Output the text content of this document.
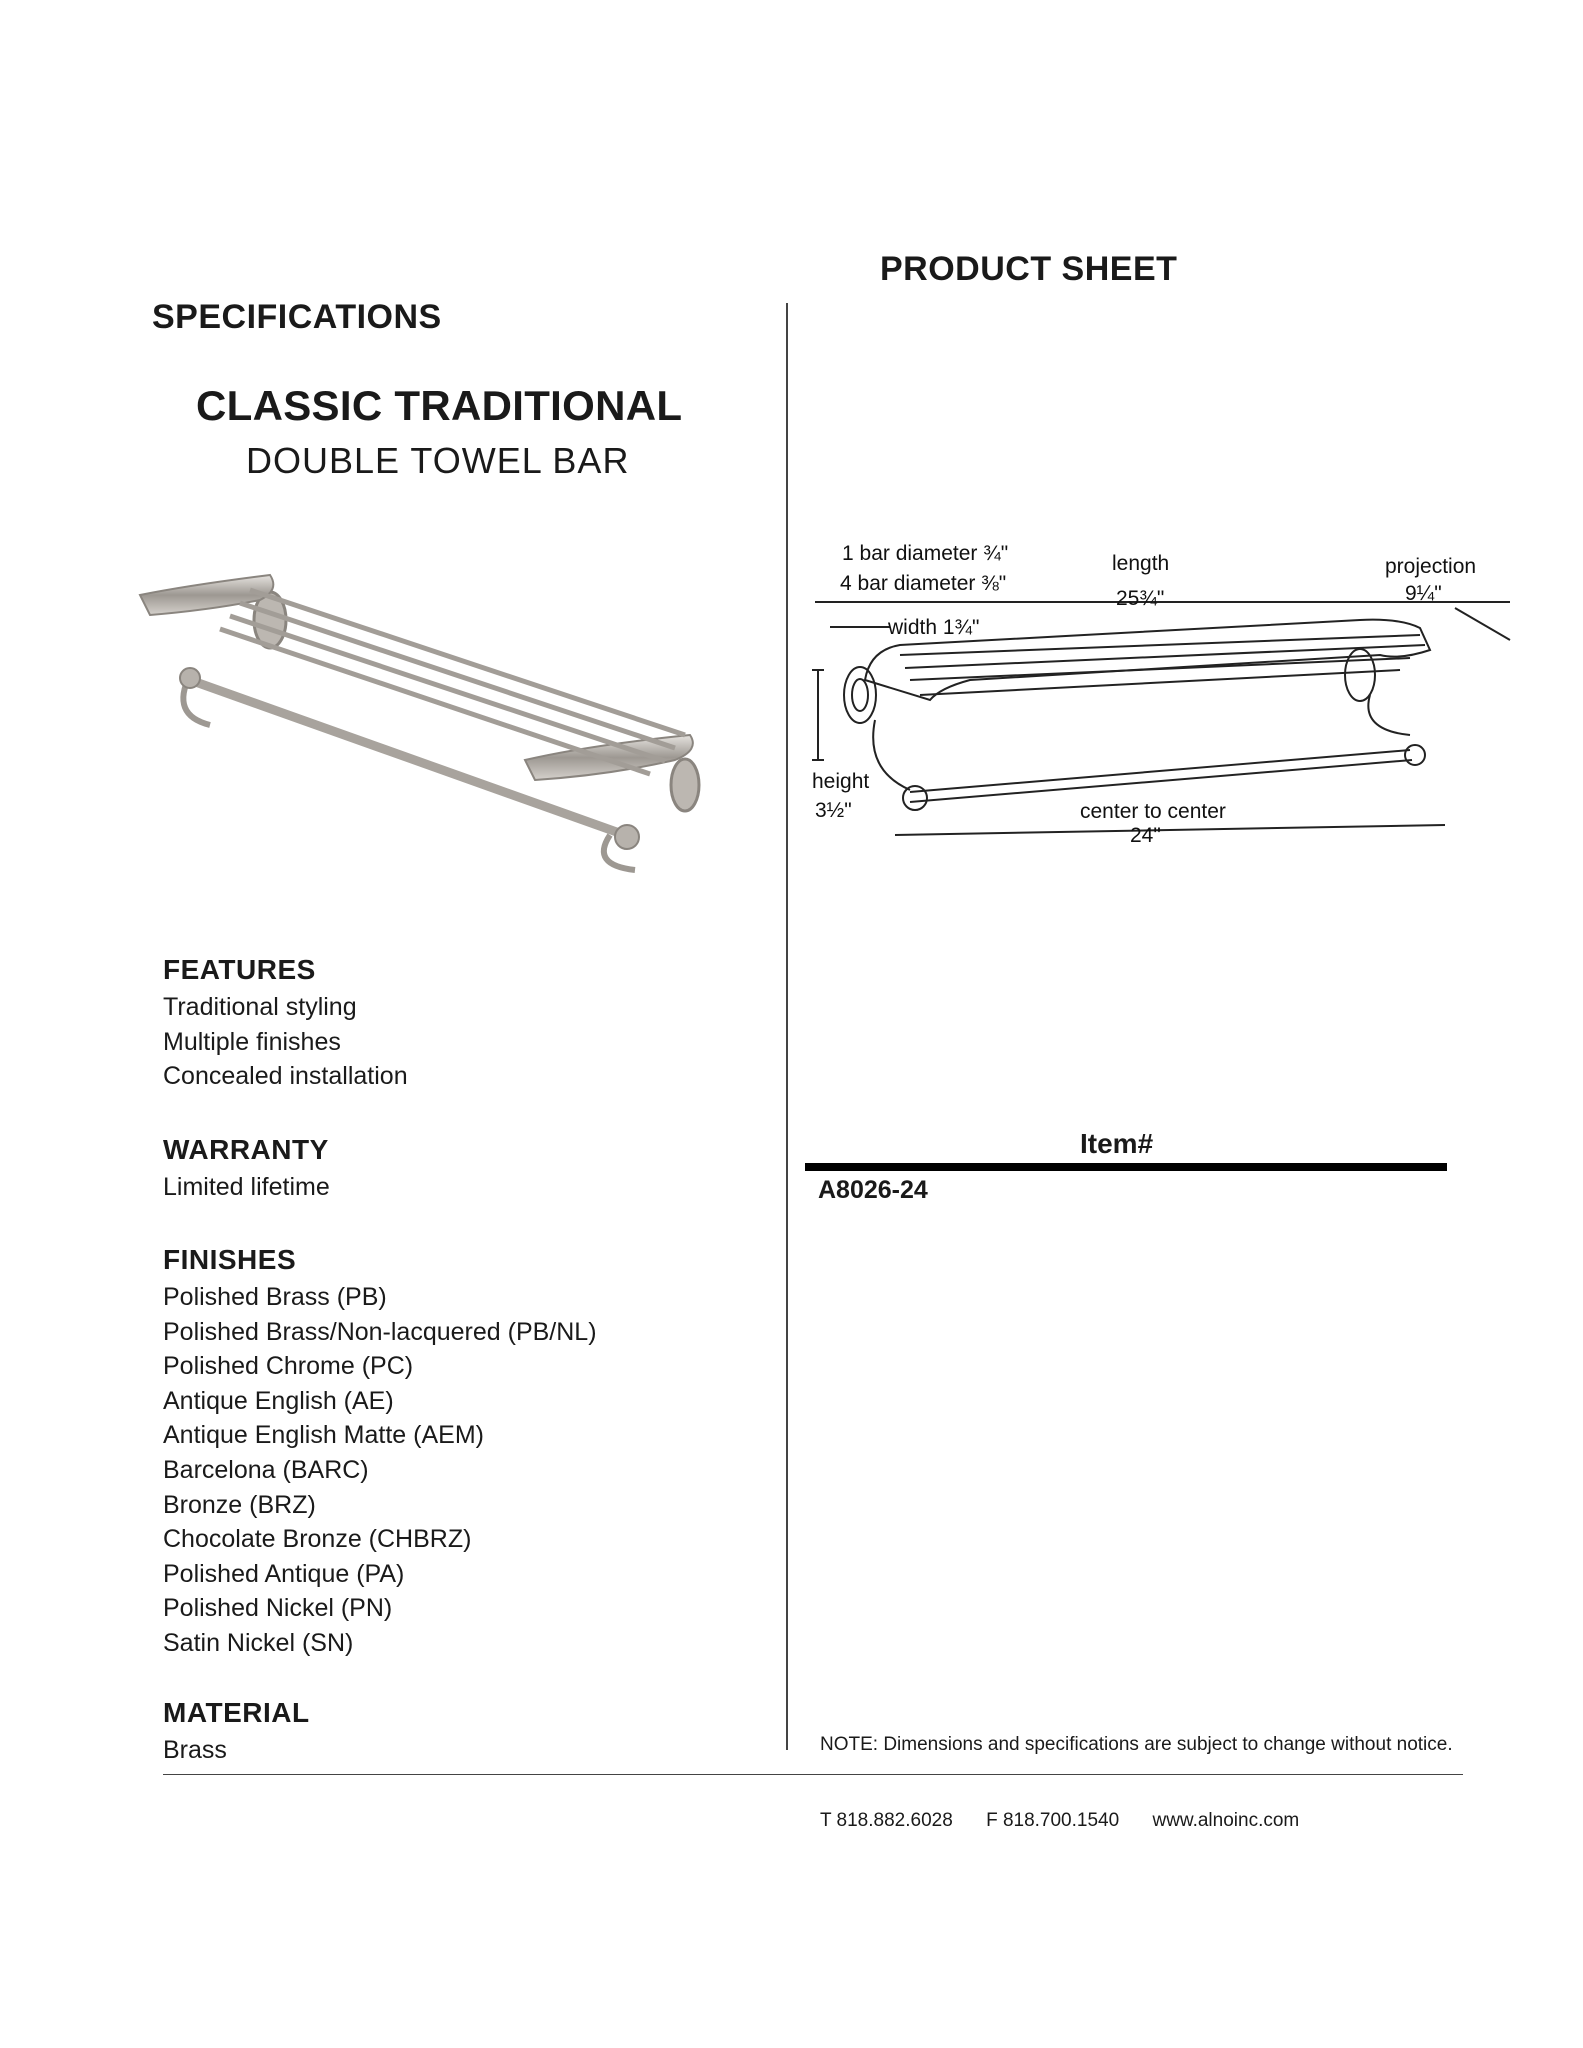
PRODUCT SHEET
SPECIFICATIONS
CLASSIC TRADITIONAL
DOUBLE TOWEL BAR
1 bar diameter ¾"
4 bar diameter ⅜"
length
25¾"
projection
9¼"
width 1¾"
height
3½"	center to center
24"

FEATURES

Traditional styling

Multiple finishes

Concealed installation

WARRANTY

Limited lifetime

FINISHES

Polished Brass (PB)

Polished Brass/Non-lacquered (PB/NL)

Polished Chrome (PC)

Antique English (AE)

Antique English Matte (AEM)

Barcelona (BARC)

Bronze (BRZ)

Chocolate Bronze (CHBRZ)

Polished Antique (PA)

Polished Nickel (PN)

Satin Nickel (SN)

MATERIAL

Brass

Item#
A8026-24
NOTE: Dimensions and specifications are subject to change without notice.
T 818.882.6028 F 818.700.1540 www.alnoinc.com
